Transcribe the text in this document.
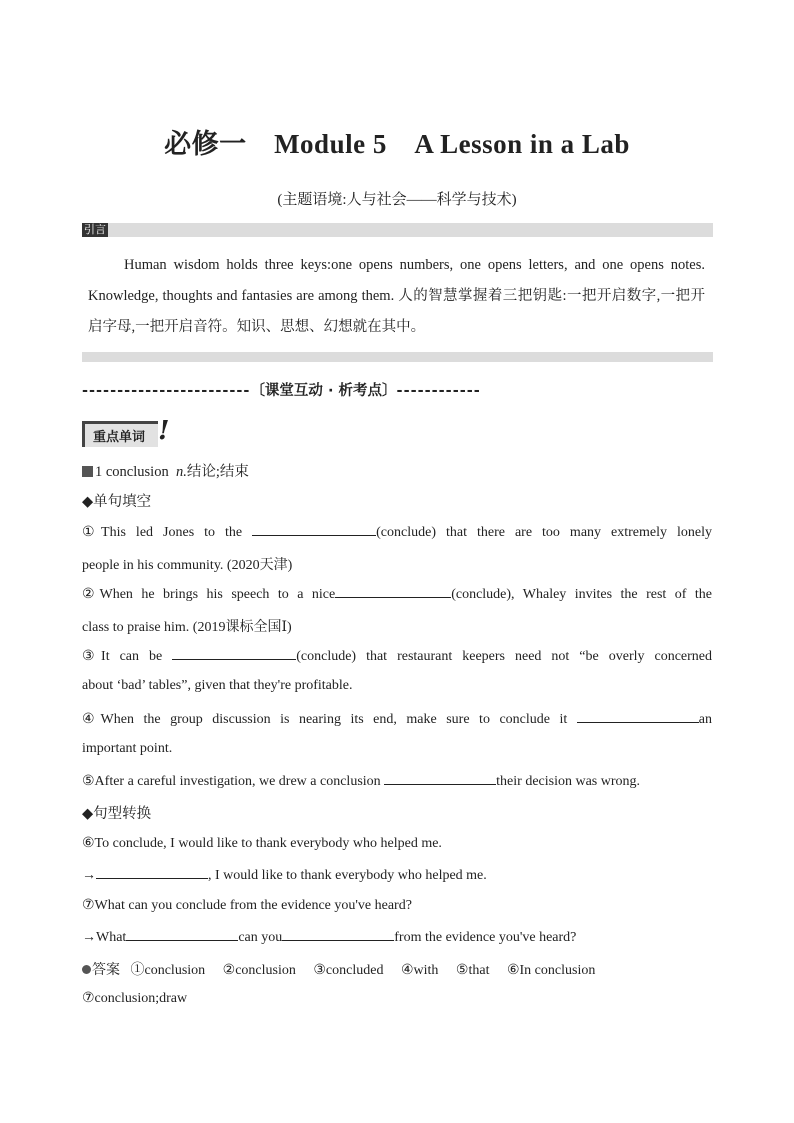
必修一　Module 5　A Lesson in a Lab
(主题语境:人与社会——科学与技术)
引言
Human wisdom holds three keys:one opens numbers, one opens letters, and one opens notes. Knowledge, thoughts and fantasies are among them. 人的智慧掌握着三把钥匙:一把开启数字,一把开启字母,一把开启音符。知识、思想、幻想就在其中。
------------------------〔课堂互动 · 析考点〕------------
重点单词 !
1 conclusion n.结论;结束
◆单句填空
①This led Jones to the	(conclude) that there are too many extremely lonely
people in his community. (2020天津)
②When he brings his speech to a nice	(conclude), Whaley invites the rest of the
class to praise him. (2019课标全国Ⅰ)
③It can be	(conclude) that restaurant keepers need not “be overly concerned
about ‘bad’ tables”, given that they're profitable.
④When the group discussion is nearing its end, make sure to conclude it	an
important point.
⑤After a careful investigation, we drew a conclusion	their decision was wrong.
◆句型转换
⑥To conclude, I would like to thank everybody who helped me.
→	, I would like to thank everybody who helped me.
⑦What can you conclude from the evidence you've heard?
→What	can you	from the evidence you've heard?
答案 ①conclusion ②conclusion ③concluded ④with ⑤that ⑥In conclusion
⑦conclusion;draw
